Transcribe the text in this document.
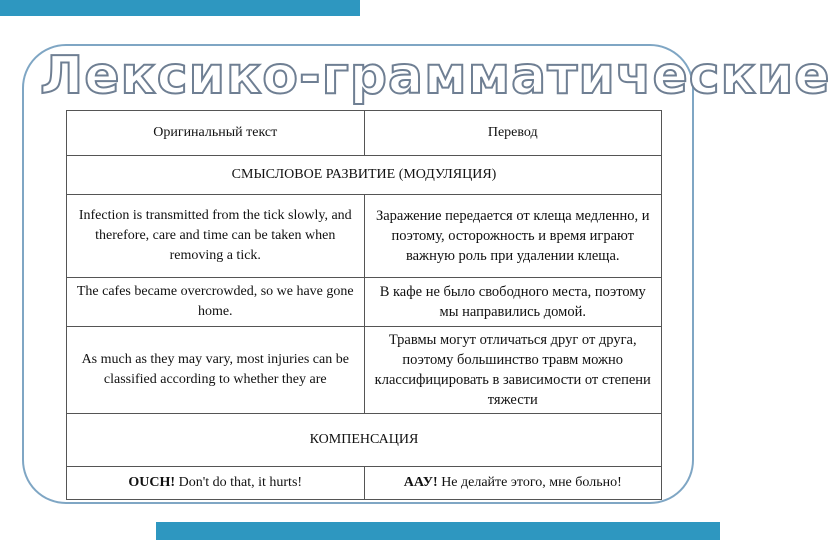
Лексико-грамматические
Оригинальный текст	Перевод
СМЫСЛОВОЕ РАЗВИТИЕ (МОДУЛЯЦИЯ)	
Infection is transmitted from the tick slowly, and therefore, care and time can be taken when removing a tick.	Заражение передается от клеща медленно, и поэтому, осторожность и время играют важную роль при удалении клеща.
The cafes became overcrowded, so we have gone home.	В кафе не было свободного места, поэтому мы направились домой.
As much as they may vary, most injuries can be classified according to whether they are	Травмы могут отличаться друг от друга, поэтому большинство травм можно классифицировать в зависимости от степени тяжести
КОМПЕНСАЦИЯ	
OUCH! Don't do that, it hurts!	ААУ! Не делайте этого, мне больно!
